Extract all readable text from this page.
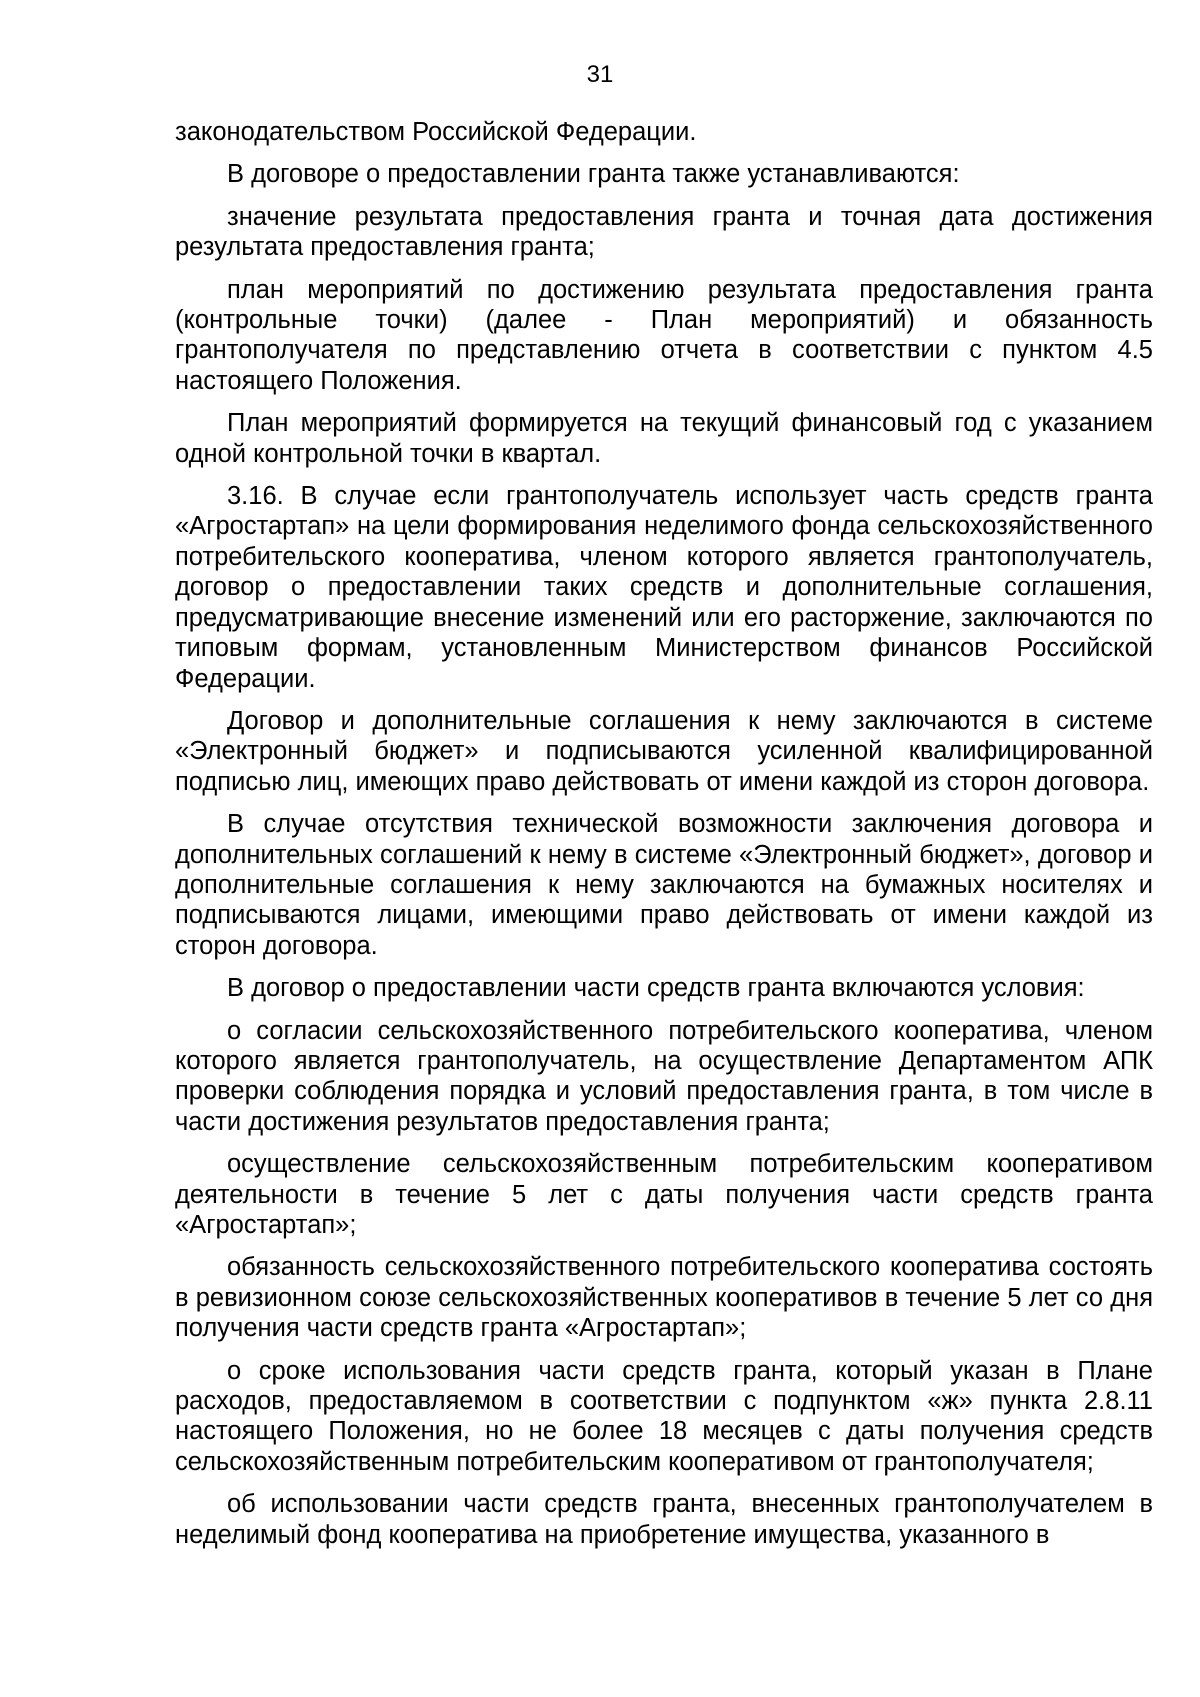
31

законодательством Российской Федерации.

В договоре о предоставлении гранта также устанавливаются:

значение результата предоставления гранта и точная дата достижения результата предоставления гранта;

план мероприятий по достижению результата предоставления гранта (контрольные точки) (далее - План мероприятий) и обязанность грантополучателя по представлению отчета в соответствии с пунктом 4.5 настоящего Положения.

План мероприятий формируется на текущий финансовый год с указанием одной контрольной точки в квартал.

3.16. В случае если грантополучатель использует часть средств гранта «Агростартап» на цели формирования неделимого фонда сельскохозяйственного потребительского кооператива, членом которого является грантополучатель, договор о предоставлении таких средств и дополнительные соглашения, предусматривающие внесение изменений или его расторжение, заключаются по типовым формам, установленным Министерством финансов Российской Федерации.

Договор и дополнительные соглашения к нему заключаются в системе «Электронный бюджет» и подписываются усиленной квалифицированной подписью лиц, имеющих право действовать от имени каждой из сторон договора.

В случае отсутствия технической возможности заключения договора и дополнительных соглашений к нему в системе «Электронный бюджет», договор и дополнительные соглашения к нему заключаются на бумажных носителях и подписываются лицами, имеющими право действовать от имени каждой из сторон договора.

В договор о предоставлении части средств гранта включаются условия:

о согласии сельскохозяйственного потребительского кооператива, членом которого является грантополучатель, на осуществление Департаментом АПК проверки соблюдения порядка и условий предоставления гранта, в том числе в части достижения результатов предоставления гранта;

осуществление сельскохозяйственным потребительским кооперативом деятельности в течение 5 лет с даты получения части средств гранта «Агростартап»;

обязанность сельскохозяйственного потребительского кооператива состоять в ревизионном союзе сельскохозяйственных кооперативов в течение 5 лет со дня получения части средств гранта «Агростартап»;

о сроке использования части средств гранта, который указан в Плане расходов, предоставляемом в соответствии с подпунктом «ж» пункта 2.8.11 настоящего Положения, но не более 18 месяцев с даты получения средств сельскохозяйственным потребительским кооперативом от грантополучателя;

об использовании части средств гранта, внесенных грантополучателем в неделимый фонд кооператива на приобретение имущества, указанного в
